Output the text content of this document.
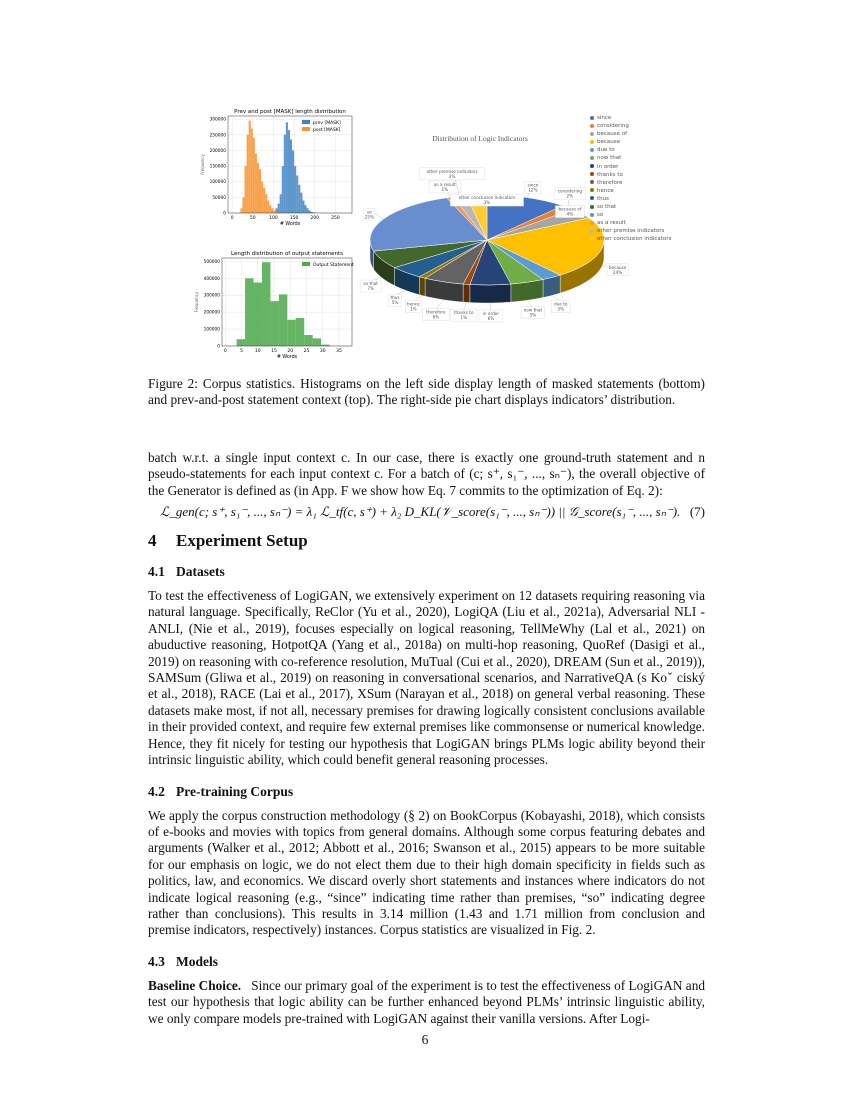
Prev and post [MASK] length distribution
0	50	100	150	200	250
0
50000
100000
150000
200000
250000
300000
# Words
Frequency
prev [MASK]
post [MASK]
Length distribution of output statements
0	5	10 15 20 25 30 35
0
100000
200000
300000
400000
500000
# Words
Frequency
Output Statement
Distribution of Logic Indicators
since
12%	considering
2%
because of
4%
because
24%
due to
3%
now that
5%
in order
6%
thanks to
1%
therefore
6%
hence
1%
thus
5%
so that
7%
so
25%
as a result
1%
other premise indicators
2%
other conclusion indicators
3%
since
considering
because of
because
due to
now that
in order
thanks to
therefore
hence
thus
so that
so
as a result
other premise indicators
other conclusion indicators

Figure 2: Corpus statistics. Histograms on the left side display length of masked statements (bottom) and prev-and-post statement context (top). The right-side pie chart displays indicators’ distribution.

batch w.r.t. a single input context c. In our case, there is exactly one ground-truth statement and n pseudo-statements for each input context c. For a batch of (c; s⁺, s₁⁻, ..., sₙ⁻), the overall objective of the Generator is defined as (in App. F we show how Eq. 7 commits to the optimization of Eq. 2):

ℒ_gen(c; s⁺, s₁⁻, ..., sₙ⁻) = λ₁ ℒ_tf(c, s⁺) + λ₂ D_KL(𝒱_score(s₁⁻, ..., sₙ⁻)) || 𝒢_score(s₁⁻, ..., sₙ⁻). (7)
4 Experiment Setup
4.1 Datasets

To test the effectiveness of LogiGAN, we extensively experiment on 12 datasets requiring reasoning via natural language. Specifically, ReClor (Yu et al., 2020), LogiQA (Liu et al., 2021a), Adversarial NLI - ANLI, (Nie et al., 2019), focuses especially on logical reasoning, TellMeWhy (Lal et al., 2021) on abuductive reasoning, HotpotQA (Yang et al., 2018a) on multi-hop reasoning, QuoRef (Dasigi et al., 2019) on reasoning with co-reference resolution, MuTual (Cui et al., 2020), DREAM (Sun et al., 2019)), SAMSum (Gliwa et al., 2019) on reasoning in conversational scenarios, and NarrativeQA (s Koˇ ciský et al., 2018), RACE (Lai et al., 2017), XSum (Narayan et al., 2018) on general verbal reasoning. These datasets make most, if not all, necessary premises for drawing logically consistent conclusions available in their provided context, and require few external premises like commonsense or numerical knowledge. Hence, they fit nicely for testing our hypothesis that LogiGAN brings PLMs logic ability beyond their intrinsic linguistic ability, which could benefit general reasoning processes.

4.2 Pre-training Corpus

We apply the corpus construction methodology (§ 2) on BookCorpus (Kobayashi, 2018), which consists of e-books and movies with topics from general domains. Although some corpus featuring debates and arguments (Walker et al., 2012; Abbott et al., 2016; Swanson et al., 2015) appears to be more suitable for our emphasis on logic, we do not elect them due to their high domain specificity in fields such as politics, law, and economics. We discard overly short statements and instances where indicators do not indicate logical reasoning (e.g., “since” indicating time rather than premises, “so” indicating degree rather than conclusions). This results in 3.14 million (1.43 and 1.71 million from conclusion and premise indicators, respectively) instances. Corpus statistics are visualized in Fig. 2.

4.3 Models

Baseline Choice. Since our primary goal of the experiment is to test the effectiveness of LogiGAN and test our hypothesis that logic ability can be further enhanced beyond PLMs’ intrinsic linguistic ability, we only compare models pre-trained with LogiGAN against their vanilla versions. After Logi-

6
